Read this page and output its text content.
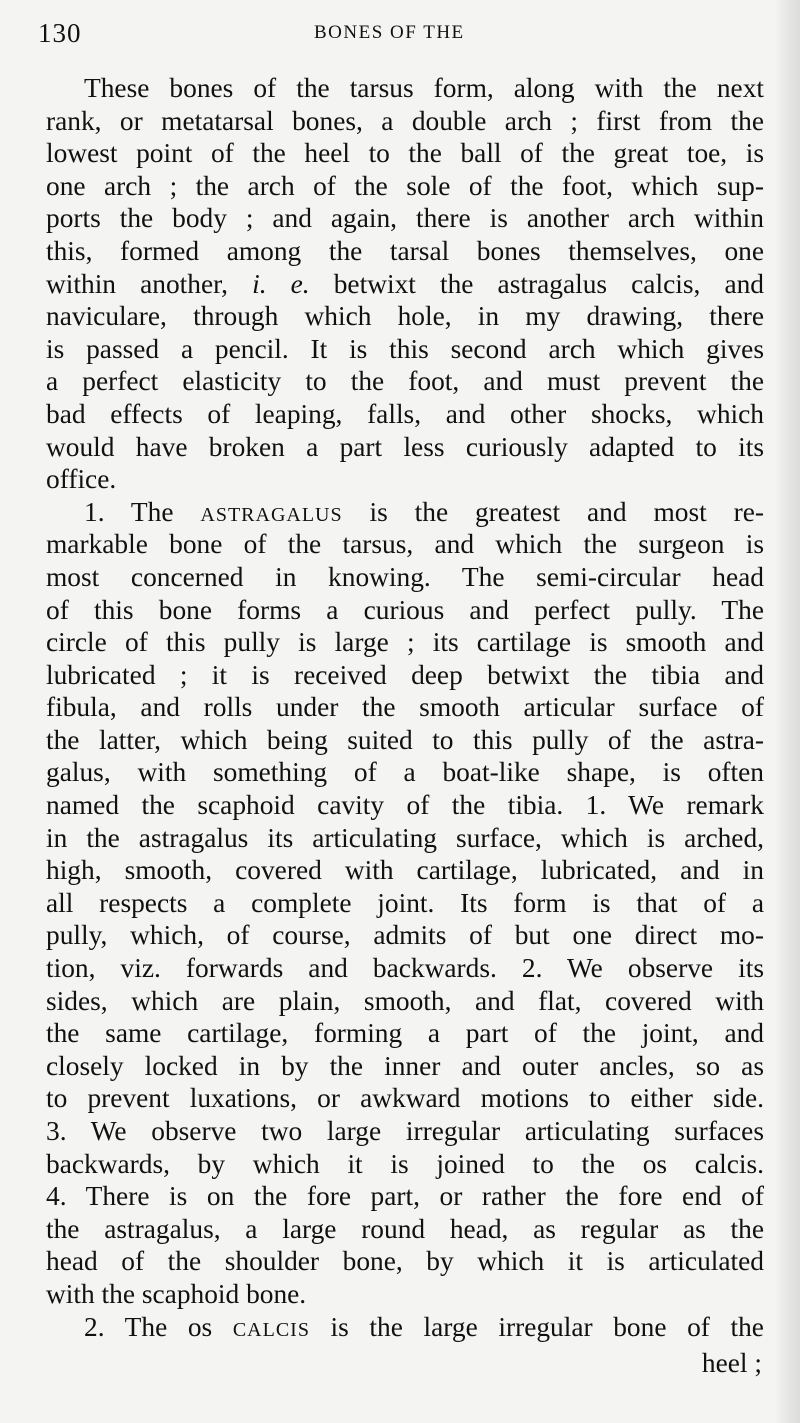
130	BONES OF THE
These bones of the tarsus form, along with the next
rank, or metatarsal bones, a double arch ; first from the
lowest point of the heel to the ball of the great toe, is
one arch ; the arch of the sole of the foot, which sup-
ports the body ; and again, there is another arch within
this, formed among the tarsal bones themselves, one
within another, i. e. betwixt the astragalus calcis, and
naviculare, through which hole, in my drawing, there
is passed a pencil. It is this second arch which gives
a perfect elasticity to the foot, and must prevent the
bad effects of leaping, falls, and other shocks, which
would have broken a part less curiously adapted to its
office.
1. The ASTRAGALUS is the greatest and most re-
markable bone of the tarsus, and which the surgeon is
most concerned in knowing. The semi-circular head
of this bone forms a curious and perfect pully. The
circle of this pully is large ; its cartilage is smooth and
lubricated ; it is received deep betwixt the tibia and
fibula, and rolls under the smooth articular surface of
the latter, which being suited to this pully of the astra-
galus, with something of a boat-like shape, is often
named the scaphoid cavity of the tibia. 1. We remark
in the astragalus its articulating surface, which is arched,
high, smooth, covered with cartilage, lubricated, and in
all respects a complete joint. Its form is that of a
pully, which, of course, admits of but one direct mo-
tion, viz. forwards and backwards. 2. We observe its
sides, which are plain, smooth, and flat, covered with
the same cartilage, forming a part of the joint, and
closely locked in by the inner and outer ancles, so as
to prevent luxations, or awkward motions to either side.
3. We observe two large irregular articulating surfaces
backwards, by which it is joined to the os calcis.
4. There is on the fore part, or rather the fore end of
the astragalus, a large round head, as regular as the
head of the shoulder bone, by which it is articulated
with the scaphoid bone.
2. The os CALCIS is the large irregular bone of the
heel ;
